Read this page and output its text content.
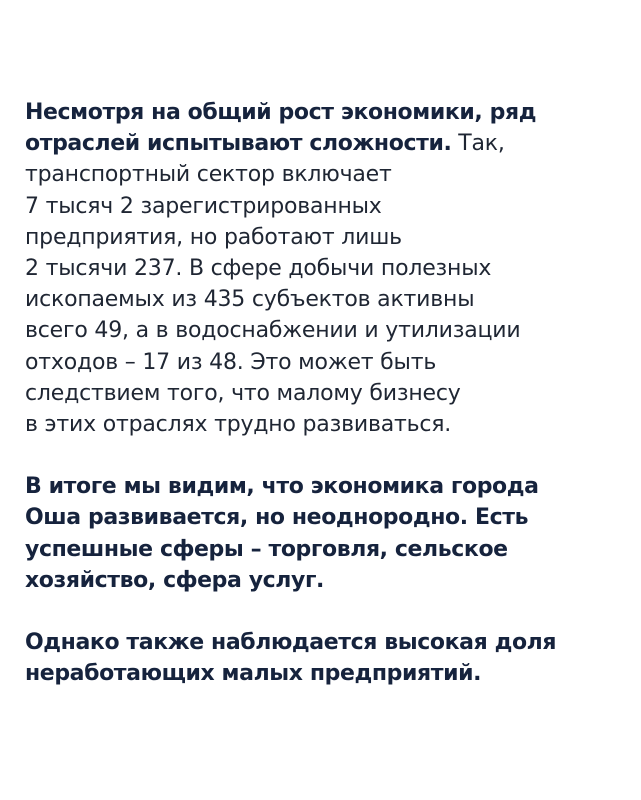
Несмотря на общий рост экономики, ряд
отраслей испытывают сложности. Так,
транспортный сектор включает
7 тысяч 2 зарегистрированных
предприятия, но работают лишь
2 тысячи 237. В сфере добычи полезных
ископаемых из 435 субъектов активны
всего 49, а в водоснабжении и утилизации
отходов – 17 из 48. Это может быть
следствием того, что малому бизнесу
в этих отраслях трудно развиваться.

В итоге мы видим, что экономика города
Оша развивается, но неоднородно. Есть
успешные сферы – торговля, сельское
хозяйство, сфера услуг.

Однако также наблюдается высокая доля
неработающих малых предприятий.
